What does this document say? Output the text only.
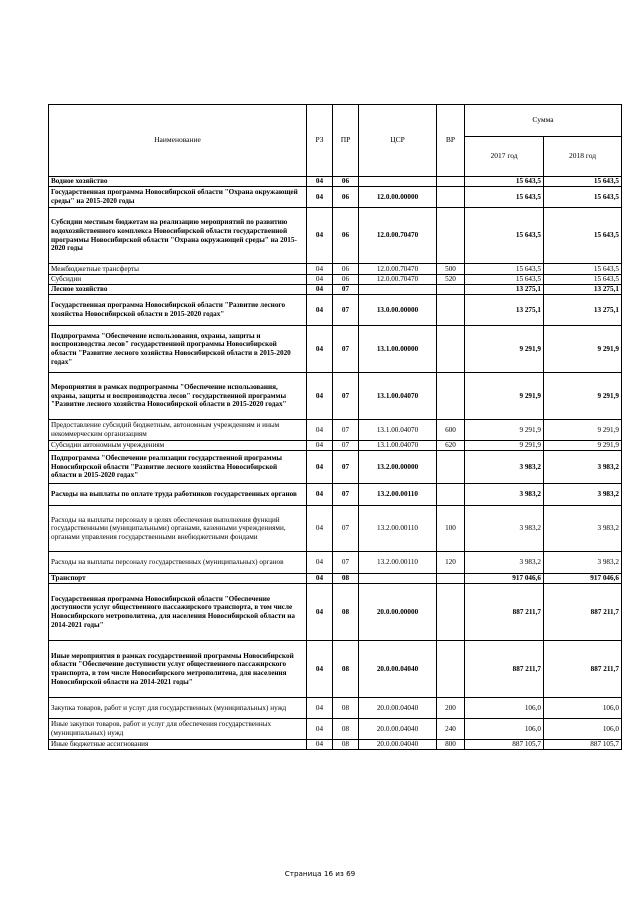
Наименование	РЗ	ПР	ЦСР	ВР	Сумма	
					2017 год	2018 год
Водное хозяйство	04	06			15 643,5	15 643,5
Государственная программа Новосибирской области "Охрана окружающей среды" на 2015-2020 годы	04	06	12.0.00.00000		15 643,5	15 643,5
Субсидии местным бюджетам на реализацию мероприятий по развитию водохозяйственного комплекса Новосибирской области государственной программы Новосибирской области "Охрана окружающей среды" на 2015-2020 годы	04	06	12.0.00.70470		15 643,5	15 643,5
Межбюджетные трансферты	04	06	12.0.00.70470	500	15 643,5	15 643,5
Субсидии	04	06	12.0.00.70470	520	15 643,5	15 643,5
Лесное хозяйство	04	07			13 275,1	13 275,1
Государственная программа Новосибирской области "Развитие лесного хозяйства Новосибирской области в 2015-2020 годах"	04	07	13.0.00.00000		13 275,1	13 275,1
Подпрограмма "Обеспечение использования, охраны, защиты и воспроизводства лесов" государственной программы Новосибирской области "Развитие лесного хозяйства Новосибирской области в 2015-2020 годах"	04	07	13.1.00.00000		9 291,9	9 291,9
Мероприятия в рамках подпрограммы "Обеспечение использования, охраны, защиты и воспроизводства лесов" государственной программы "Развитие лесного хозяйства Новосибирской области в 2015-2020 годах"	04	07	13.1.00.04070		9 291,9	9 291,9
Предоставление субсидий бюджетным, автономным учреждениям и иным некоммерческим организациям	04	07	13.1.00.04070	600	9 291,9	9 291,9
Субсидии автономным учреждениям	04	07	13.1.00.04070	620	9 291,9	9 291,9
Подпрограмма "Обеспечение реализации государственной программы Новосибирской области "Развитие лесного хозяйства Новосибирской области в 2015-2020 годах"	04	07	13.2.00.00000		3 983,2	3 983,2
Расходы на выплаты по оплате труда работников государственных органов	04	07	13.2.00.00110		3 983,2	3 983,2
Расходы на выплаты персоналу в целях обеспечения выполнения функций государственными (муниципальными) органами, казенными учреждениями, органами управления государственными внебюджетными фондами	04	07	13.2.00.00110	100	3 983,2	3 983,2
Расходы на выплаты персоналу государственных (муниципальных) органов	04	07	13.2.00.00110	120	3 983,2	3 983,2
Транспорт	04	08			917 046,6	917 046,6
Государственная программа Новосибирской области "Обеспечение доступности услуг общественного пассажирского транспорта, в том числе Новосибирского метрополитена, для населения Новосибирской области на 2014-2021 годы"	04	08	20.0.00.00000		887 211,7	887 211,7
Иные мероприятия в рамках государственной программы Новосибирской области "Обеспечение доступности услуг общественного пассажирского транспорта, в том числе Новосибирского метрополитена, для населения Новосибирской области на 2014-2021 годы"	04	08	20.0.00.04040		887 211,7	887 211,7
Закупка товаров, работ и услуг для государственных (муниципальных) нужд	04	08	20.0.00.04040	200	106,0	106,0
Иные закупки товаров, работ и услуг для обеспечения государственных (муниципальных) нужд	04	08	20.0.00.04040	240	106,0	106,0
Иные бюджетные ассигнования	04	08	20.0.00.04040	800	887 105,7	887 105,7
Страница 16 из 69
